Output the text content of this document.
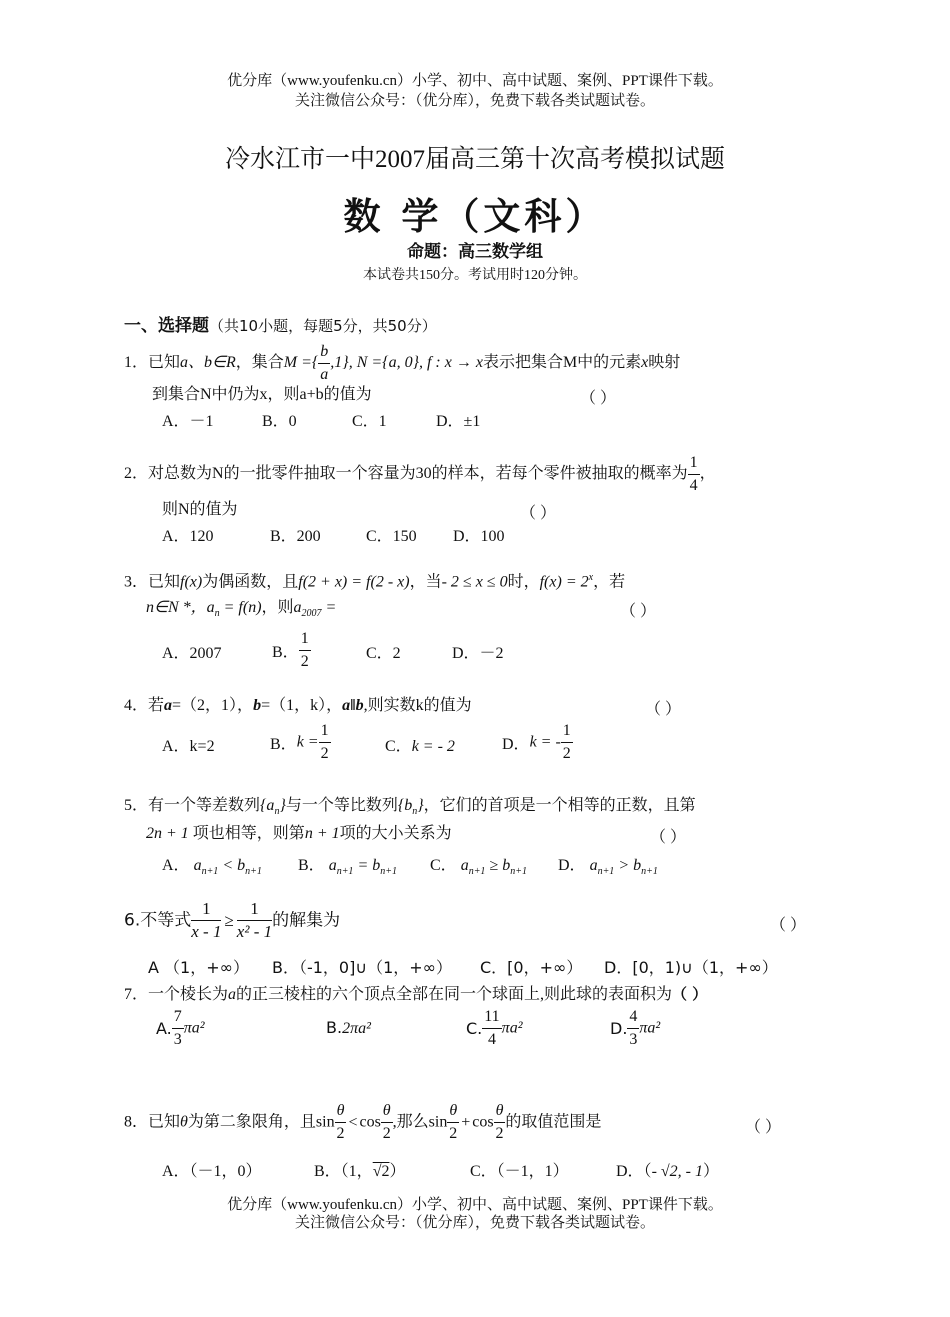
优分库（www.youfenku.cn）小学、初中、高中试题、案例、PPT课件下载。
关注微信公众号：（优分库），免费下载各类试题试卷。
冷水江市一中2007届高三第十次高考模拟试题
数 学（文科）
命题：高三数学组
本试卷共150分。考试用时120分钟。
一、选择题（共10小题，每题5分，共50分）
1．已知a、b∈R，集合M ={ $\frac{b}{a} ,1$}, N ={a, 0}, f : x → x表示把集合M中的元素x映射
到集合N中仍为x，则a+b的值为	（ ）
A．－1	B．0	C．1	D．±1
2．对总数为N的一批零件抽取一个容量为30的样本，若每个零件被抽取的概率为 $\frac{1}{4}$ ，
则N的值为	（ ）
A．120	B．200	C．150 D．100
3．已知f(x)为偶函数，且f(2 + x) = f(2 - x)，当- 2 ≤ x ≤ 0时，$f(x) = 2^x$，若
n∈N *，$a_n = f(n)$，则$a_{2007}$ =	（ ）
A．2007	B． $\frac{1}{2}$	C．2	D．－2
4．若a=（2，1），b=（1，k），a‖b,则实数k的值为	（ ）
A．k=2	B．$k = \frac{1}{2}$	C．k = - 2	D．k = - $\frac{1}{2}$
5．有一个等差数列$\{a_n\}$与一个等比数列$\{b_n\}$，它们的首项是一个相等的正数，且第
2n + 1 项也相等，则第n + 1项的大小关系为	（ ）
A． $a_{n+1} < b_{n+1}$ B． $a_{n+1} = b_{n+1}$ C． $a_{n+1} \ge b_{n+1}$ D． $a_{n+1} > b_{n+1}$
6.不等式 $\frac{1}{x - 1} \ge \frac{1}{\text{x² - 1}}$ 的解集为	（ ）
A （1，+∞） B．（-1，0]∪（1，+∞） C．[0，+∞） D．[0，1)∪（1，+∞）
7．一个棱长为a的正三棱柱的六个顶点全部在同一个球面上,则此球的表面积为（ ）
A. $\frac{7}{3} \pi a^2$	B.2πa²	C. $\frac{11}{4} \pi a^2$	D. $\frac{4}{3} \pi a^2$
8．已知θ为第二象限角，且$\sin \frac{\theta}{2} < \cos \frac{\theta}{2}$ ,那么$\sin \frac{\theta}{2} + \cos \frac{\theta}{2}$ 的取值范围是	（ ）
A．（－1，0）	B．（1，√2）	C．（－1，1）	D．（- √2, - 1）
优分库（www.youfenku.cn）小学、初中、高中试题、案例、PPT课件下载。
关注微信公众号：（优分库），免费下载各类试题试卷。
